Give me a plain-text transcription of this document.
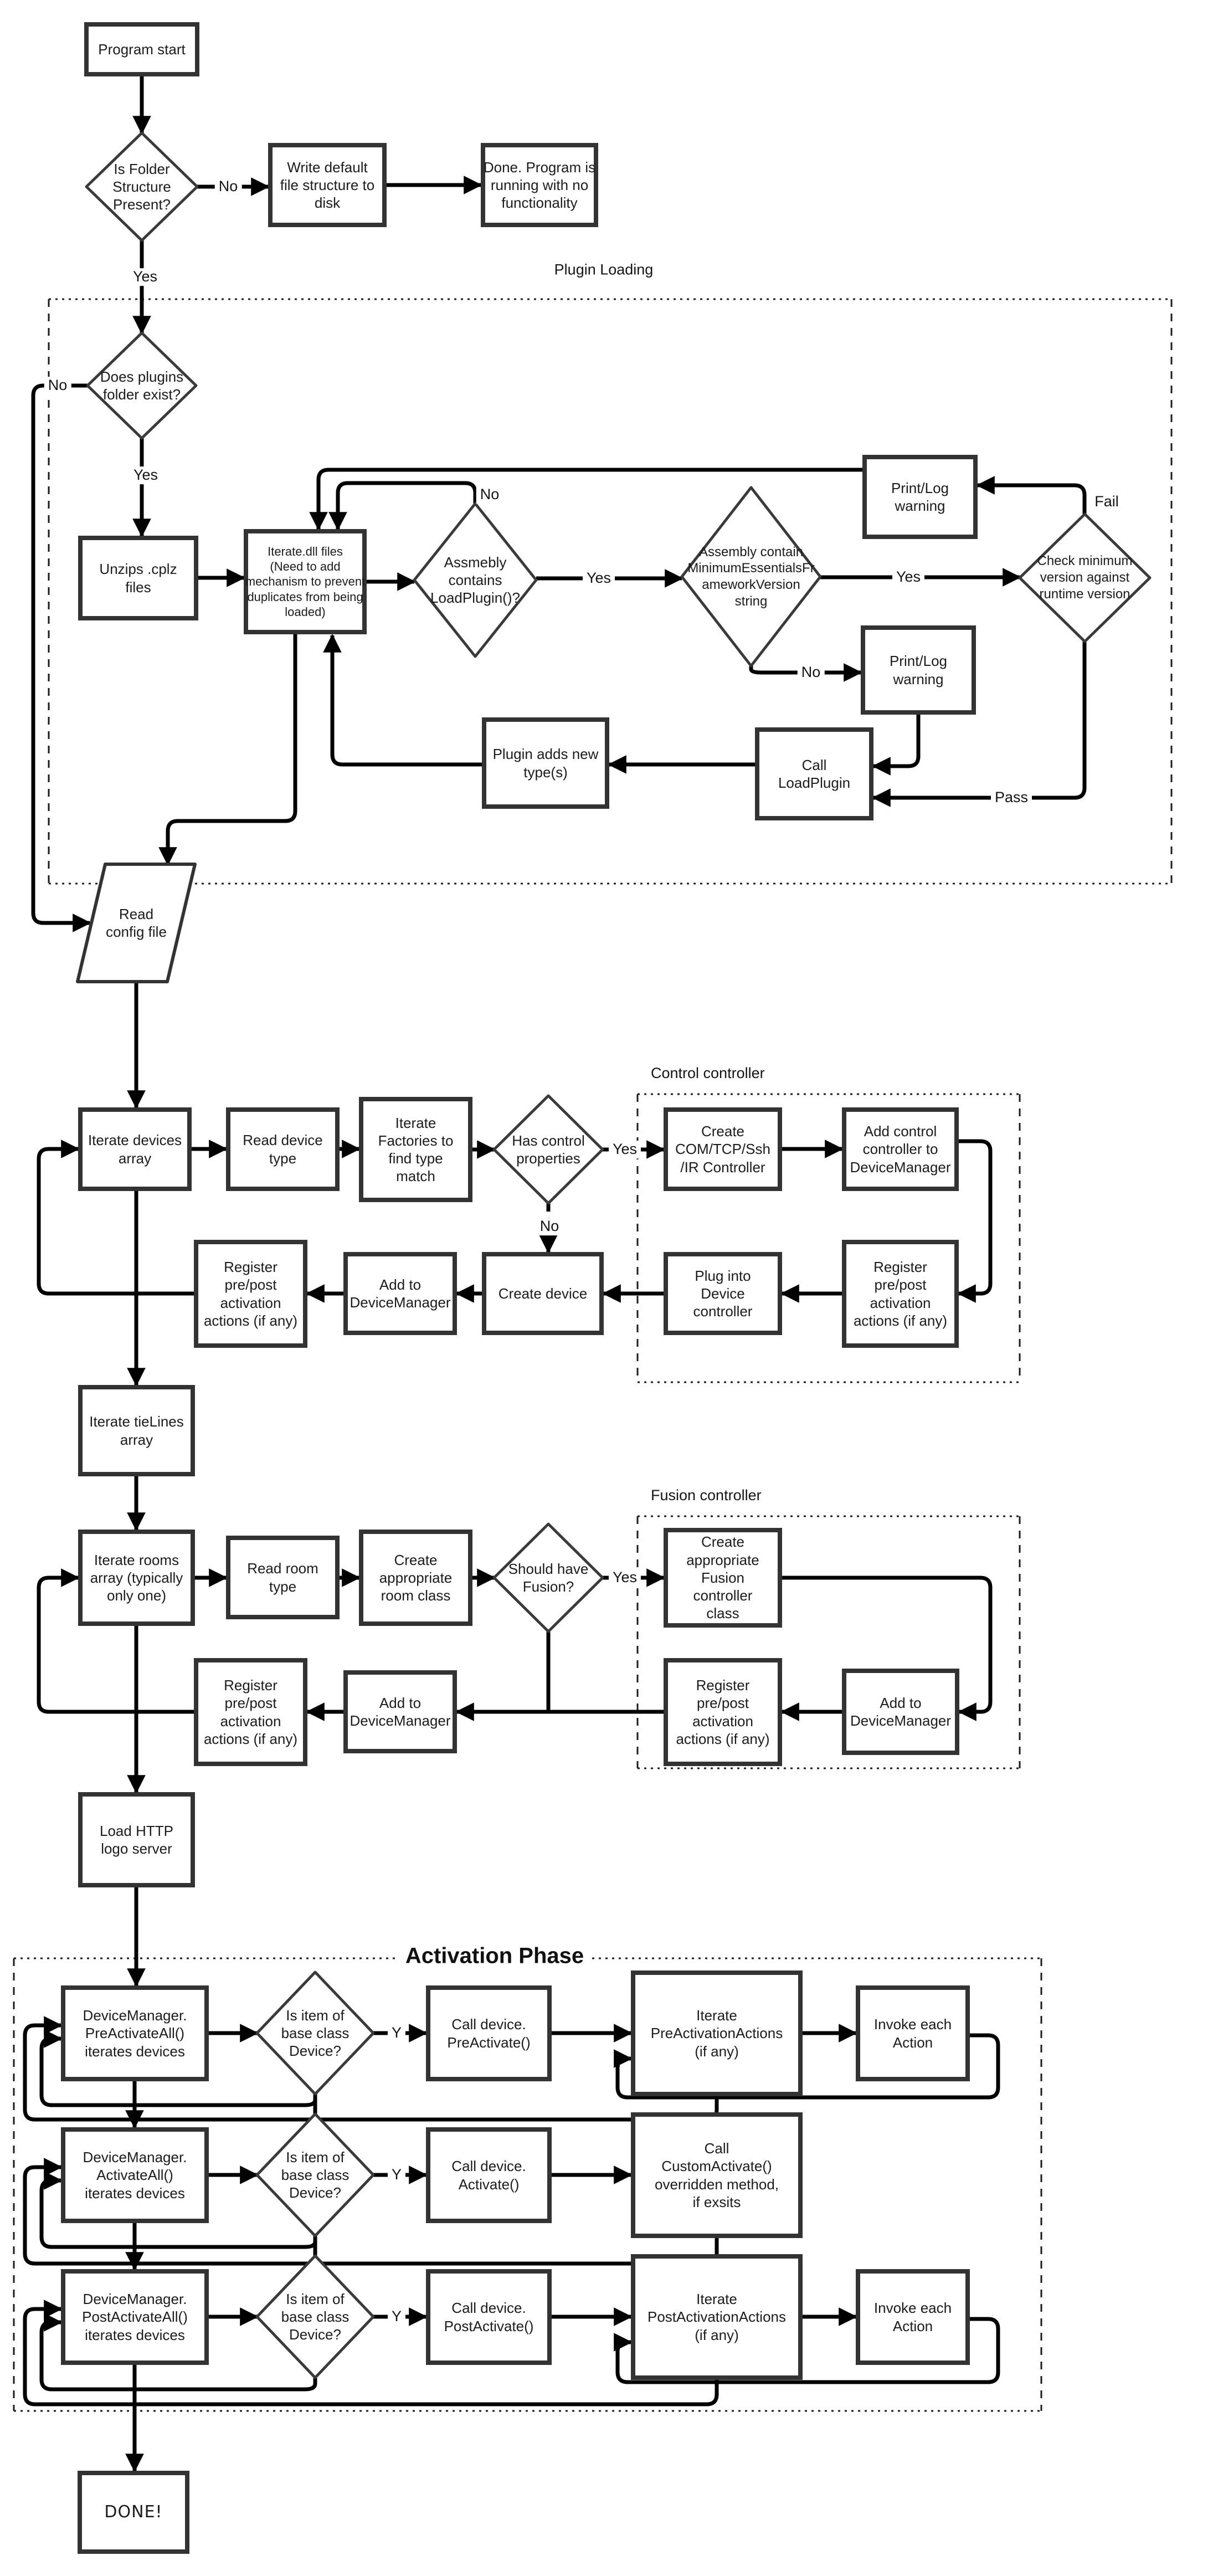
Plugin Loading
Control controller
Fusion controller
Activation Phase
No
Yes
No
Yes
No
Yes	Yes
No
Fail
Pass
Yes
No
Yes
Y
Y
Y
Program start
Write default
file structure to
disk
Done. Program is
running with no
functionality
Is Folder
Structure
Present?
Does plugins
folder exist?
Unzips .cplz
files
Iterate.dll files
(Need to add
mechanism to prevent
duplicates from being
loaded)
Assmebly
contains
LoadPlugin()?
Assembly contain
MinimumEssentialsFr
ameworkVersion
string
Print/Log
warning
Print/Log
warning
Check minimum
version against
runtime version
Call
LoadPlugin
Plugin adds new
type(s)
Read
config file
Iterate devices
array
Read device
type
Iterate
Factories to
find type
match
Has control
properties
Create
COM/TCP/Ssh
/IR Controller
Add control
controller to
DeviceManager
Register
pre/post
activation
actions (if any)
Plug into
Device
controller
Create device
Add to
DeviceManager
Register
pre/post
activation
actions (if any)
Iterate tieLines
array
Iterate rooms
array (typically
only one)
Read room
type
Create
appropriate
room class
Should have
Fusion?
Create
appropriate
Fusion
controller
class
Add to
DeviceManager
Register
pre/post
activation
actions (if any)
Add to
DeviceManager
Register
pre/post
activation
actions (if any)
Load HTTP
logo server
DeviceManager.
PreActivateAll()
iterates devices
Is item of
base class
Device?
Call device.
PreActivate()
Iterate
PreActivationActions
(if any)
Invoke each
Action
DeviceManager.
ActivateAll()
iterates devices
Is item of
base class
Device?
Call device.
Activate()
Call
CustomActivate()
overridden method,
if exsits
DeviceManager.
PostActivateAll()
iterates devices
Is item of
base class
Device?
Call device.
PostActivate()
Iterate
PostActivationActions
(if any)
Invoke each
Action
DONE!
